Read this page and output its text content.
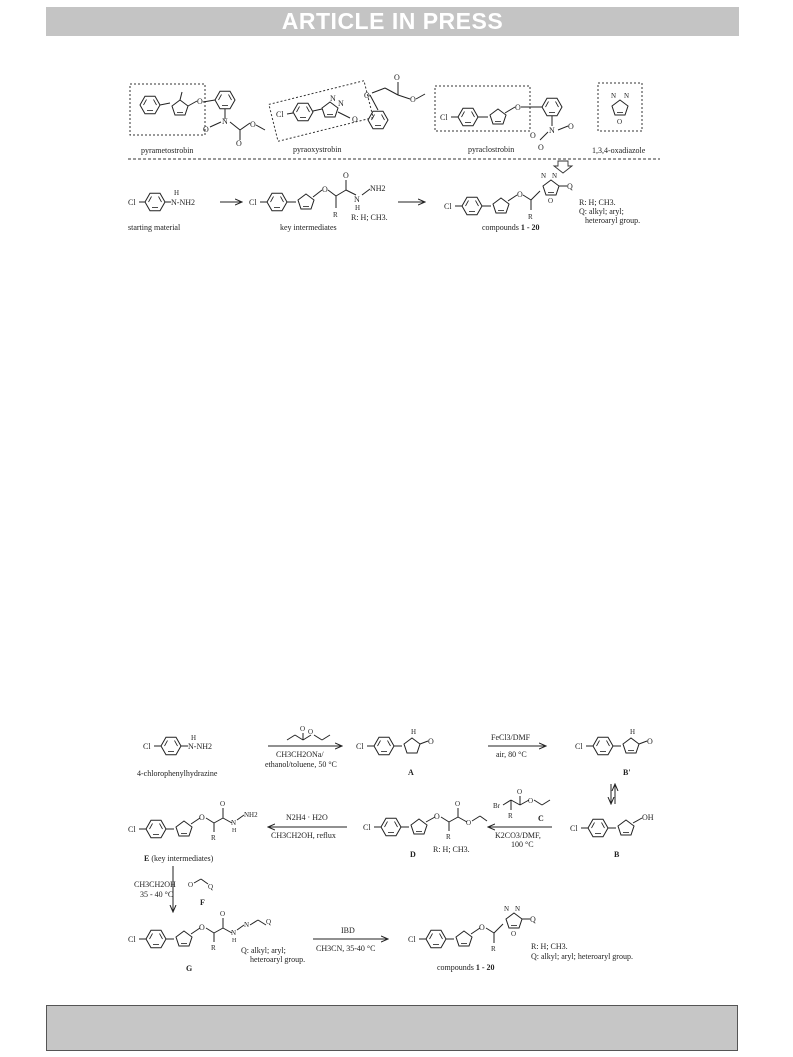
ARTICLE IN PRESS
O
N
O
O
O
pyrametostrobin
Cl
N
N
O
O
O
O
pyraoxystrobin
Cl
O
N O
O
O
pyraclostrobin
N N
O
1,3,4-oxadiazole
Cl
H
N-NH2
starting material
Cl
O
R
O
N
H
NH2
R: H; CH3.
key intermediates
Cl
O
R
N N
O
Q
R: H; CH3.
Q: alkyl; aryl;
heteroaryl group.
compounds 1 - 20
Cl
H
N-NH2
4-chlorophenylhydrazine
O O
CH3CH2ONa/
ethanol/toluene, 50 °C
Cl
H
O
A
FeCl3/DMF
air, 80 °C
Cl
H
O
B'
Cl
OH
B
Br
R
O
O
C
K2CO3/DMF,
100 °C
Cl
O
R
O
O
D
R: H; CH3.
N2H4 · H2O
CH3CH2OH, reflux
Cl
O
R
O
N
H
NH2
E (key intermediates)
CH3CH2OH
35 - 40 °C
O Q
F
Cl
O
R
O
N
H
N Q
G
Q: alkyl; aryl;
heteroaryl group.
IBD
CH3CN, 35-40 °C
Cl
O
R
N N
O
Q
compounds 1 - 20
R: H; CH3.
Q: alkyl; aryl; heteroaryl group.
